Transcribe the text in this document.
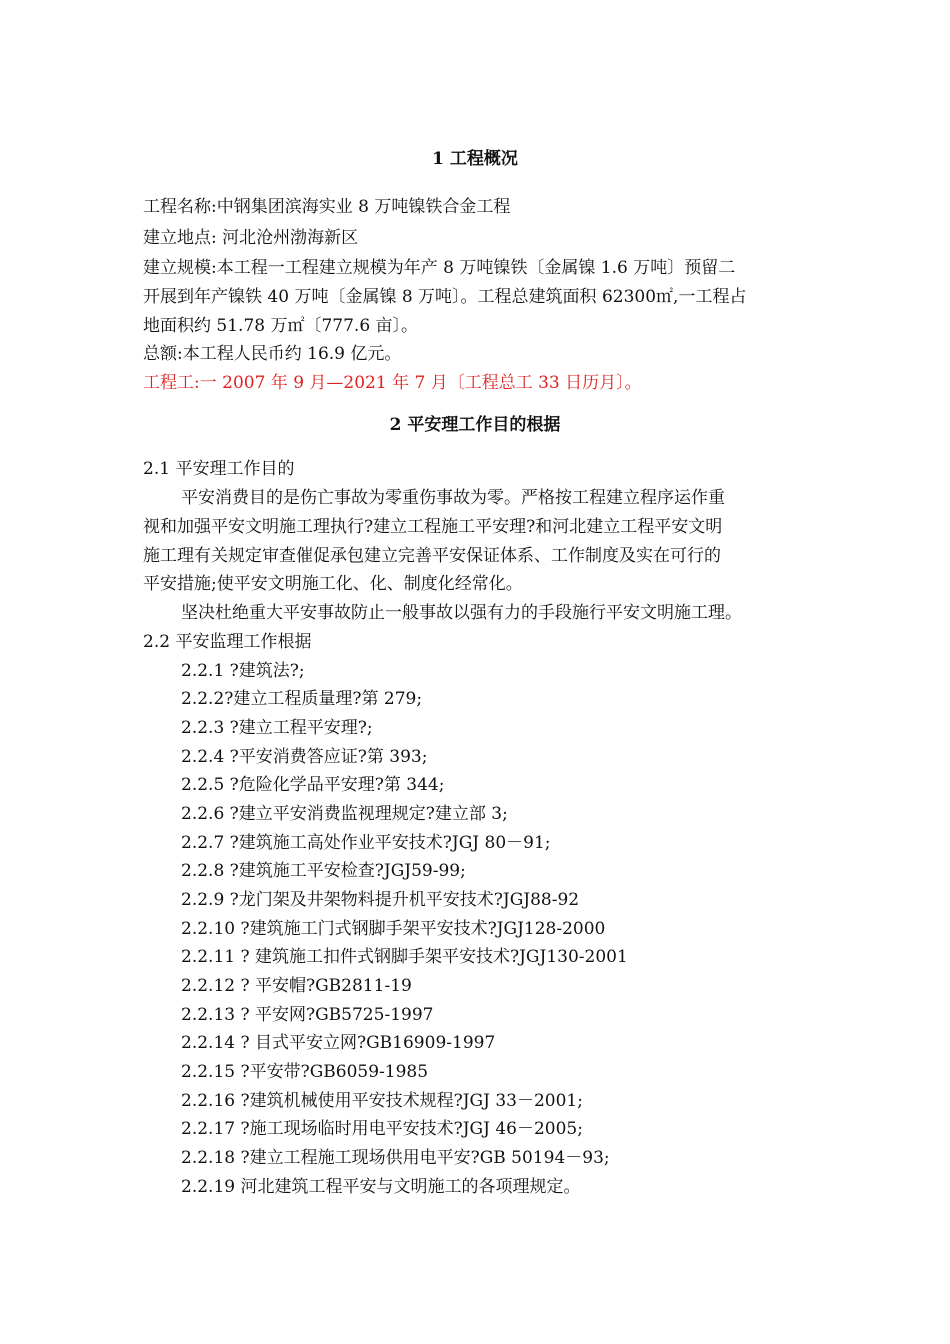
1 工程概况
工程名称:中钢集团滨海实业 8 万吨镍铁合金工程
建立地点: 河北沧州渤海新区
建立规模:本工程一工程建立规模为年产 8 万吨镍铁〔金属镍 1.6 万吨〕预留二
开展到年产镍铁 40 万吨〔金属镍 8 万吨〕。工程总建筑面积 62300㎡,一工程占
地面积约 51.78 万㎡〔777.6 亩〕。
总额:本工程人民币约 16.9 亿元。
工程工:一 2007 年 9 月—2021 年 7 月〔工程总工 33 日历月〕。
2 平安理工作目的根据
2.1 平安理工作目的
平安消费目的是伤亡事故为零重伤事故为零。严格按工程建立程序运作重
视和加强平安文明施工理执行?建立工程施工平安理?和河北建立工程平安文明
施工理有关规定审查催促承包建立完善平安保证体系、工作制度及实在可行的
平安措施;使平安文明施工化、化、制度化经常化。
坚决杜绝重大平安事故防止一般事故以强有力的手段施行平安文明施工理。
2.2 平安监理工作根据
2.2.1 ?建筑法?;
2.2.2?建立工程质量理?第 279;
2.2.3 ?建立工程平安理?;
2.2.4 ?平安消费答应证?第 393;
2.2.5 ?危险化学品平安理?第 344;
2.2.6 ?建立平安消费监视理规定?建立部 3;
2.2.7 ?建筑施工高处作业平安技术?JGJ 80－91;
2.2.8 ?建筑施工平安检查?JGJ59-99;
2.2.9 ?龙门架及井架物料提升机平安技术?JGJ88-92
2.2.10 ?建筑施工门式钢脚手架平安技术?JGJ128-2000
2.2.11 ? 建筑施工扣件式钢脚手架平安技术?JGJ130-2001
2.2.12 ? 平安帽?GB2811-19
2.2.13 ? 平安网?GB5725-1997
2.2.14 ? 目式平安立网?GB16909-1997
2.2.15 ?平安带?GB6059-1985
2.2.16 ?建筑机械使用平安技术规程?JGJ 33－2001;
2.2.17 ?施工现场临时用电平安技术?JGJ 46－2005;
2.2.18 ?建立工程施工现场供用电平安?GB 50194－93;
2.2.19 河北建筑工程平安与文明施工的各项理规定。
